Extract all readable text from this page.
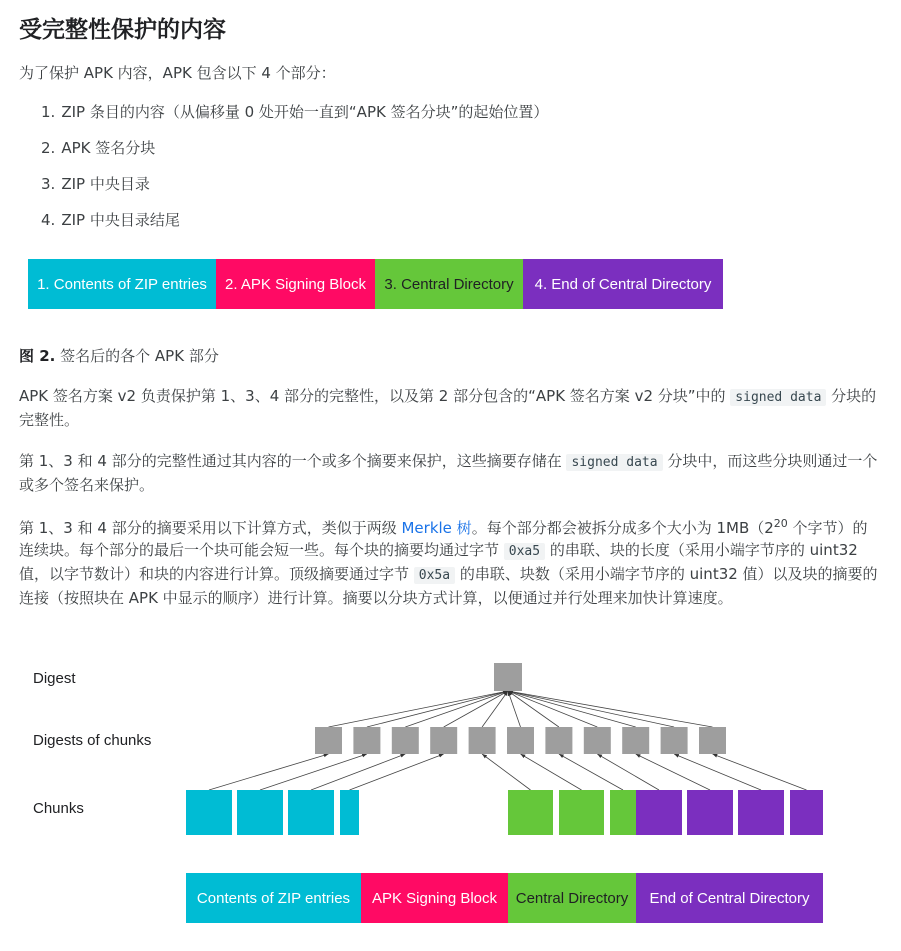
受完整性保护的内容

为了保护 APK 内容，APK 包含以下 4 个部分：

1. ZIP 条目的内容（从偏移量 0 处开始一直到“APK 签名分块”的起始位置）
2. APK 签名分块
3. ZIP 中央目录
4. ZIP 中央目录结尾
1. Contents of ZIP entries	2. APK Signing Block	3. Central Directory	4. End of Central Directory
图 2. 签名后的各个 APK 部分

APK 签名方案 v2 负责保护第 1、3、4 部分的完整性，以及第 2 部分包含的“APK 签名方案 v2 分块”中的 signed data 分块的完整性。

第 1、3 和 4 部分的完整性通过其内容的一个或多个摘要来保护，这些摘要存储在 signed data 分块中，而这些分块则通过一个或多个签名来保护。

第 1、3 和 4 部分的摘要采用以下计算方式，类似于两级 Merkle 树。每个部分都会被拆分成多个大小为 $1MB(2^{20}$ 个字节）的连续块。每个部分的最后一个块可能会短一些。每个块的摘要均通过字节 0xa5 的串联、块的长度（采用小端字节序的 uint32 值，以字节数计）和块的内容进行计算。顶级摘要通过字节 0x5a 的串联、块数（采用小端字节序的 uint32 值）以及块的摘要的连接（按照块在 APK 中显示的顺序）进行计算。摘要以分块方式计算，以便通过并行处理来加快计算速度。

Digest
Digests of chunks
Chunks
Contents of ZIP entries	APK Signing Block	Central Directory	End of Central Directory
